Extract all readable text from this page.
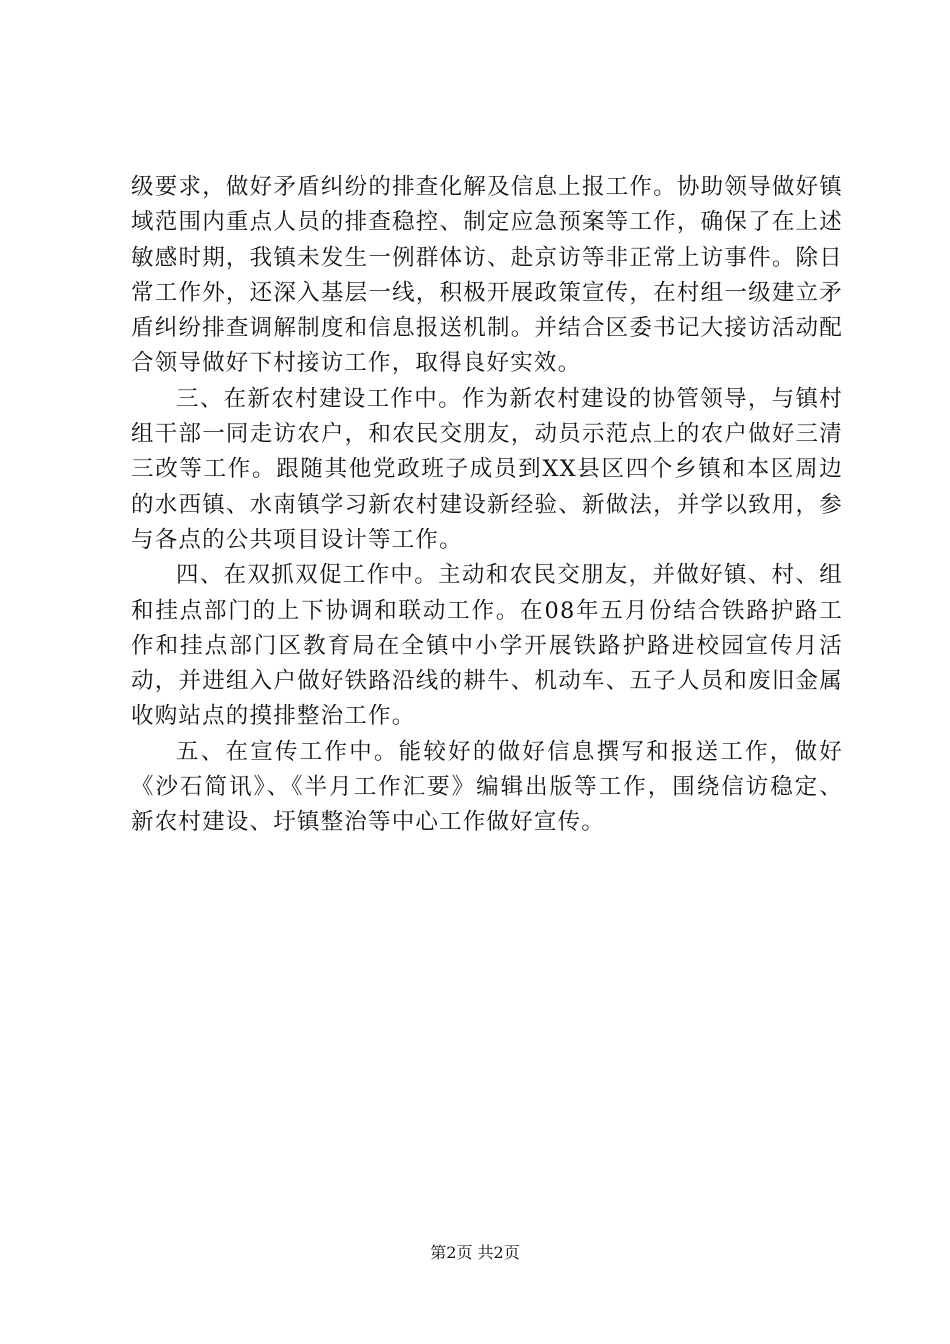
级要求，做好矛盾纠纷的排查化解及信息上报工作。协助领导做好镇域范围内重点人员的排查稳控、制定应急预案等工作，确保了在上述敏感时期，我镇未发生一例群体访、赴京访等非正常上访事件。除日常工作外，还深入基层一线，积极开展政策宣传，在村组一级建立矛盾纠纷排查调解制度和信息报送机制。并结合区委书记大接访活动配合领导做好下村接访工作，取得良好实效。

三、在新农村建设工作中。作为新农村建设的协管领导，与镇村组干部一同走访农户，和农民交朋友，动员示范点上的农户做好三清三改等工作。跟随其他党政班子成员到XX县区四个乡镇和本区周边的水西镇、水南镇学习新农村建设新经验、新做法，并学以致用，参与各点的公共项目设计等工作。

四、在双抓双促工作中。主动和农民交朋友，并做好镇、村、组和挂点部门的上下协调和联动工作。在08年五月份结合铁路护路工作和挂点部门区教育局在全镇中小学开展铁路护路进校园宣传月活动，并进组入户做好铁路沿线的耕牛、机动车、五子人员和废旧金属收购站点的摸排整治工作。

五、在宣传工作中。能较好的做好信息撰写和报送工作，做好《沙石简讯》、《半月工作汇要》编辑出版等工作，围绕信访稳定、新农村建设、圩镇整治等中心工作做好宣传。

第2页 共2页
